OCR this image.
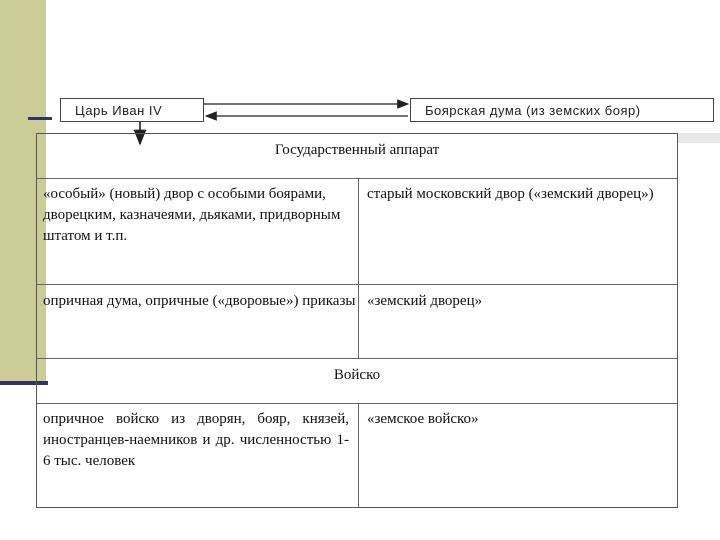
Царь Иван IV	Боярская дума (из земских бояр)
Государственный аппарат
«особый» (новый) двор с особыми боярами, дворецким, казначеями, дьяками, придворным штатом и т.п.
старый московский двор («земский дворец»)
опричная дума, опричные («дворовые») приказы «земский дворец»
Войско
опричное войско из дворян, бояр, князей, иностранцев-наемников и др. численностью 1-6 тыс. человек
«земское войско»
